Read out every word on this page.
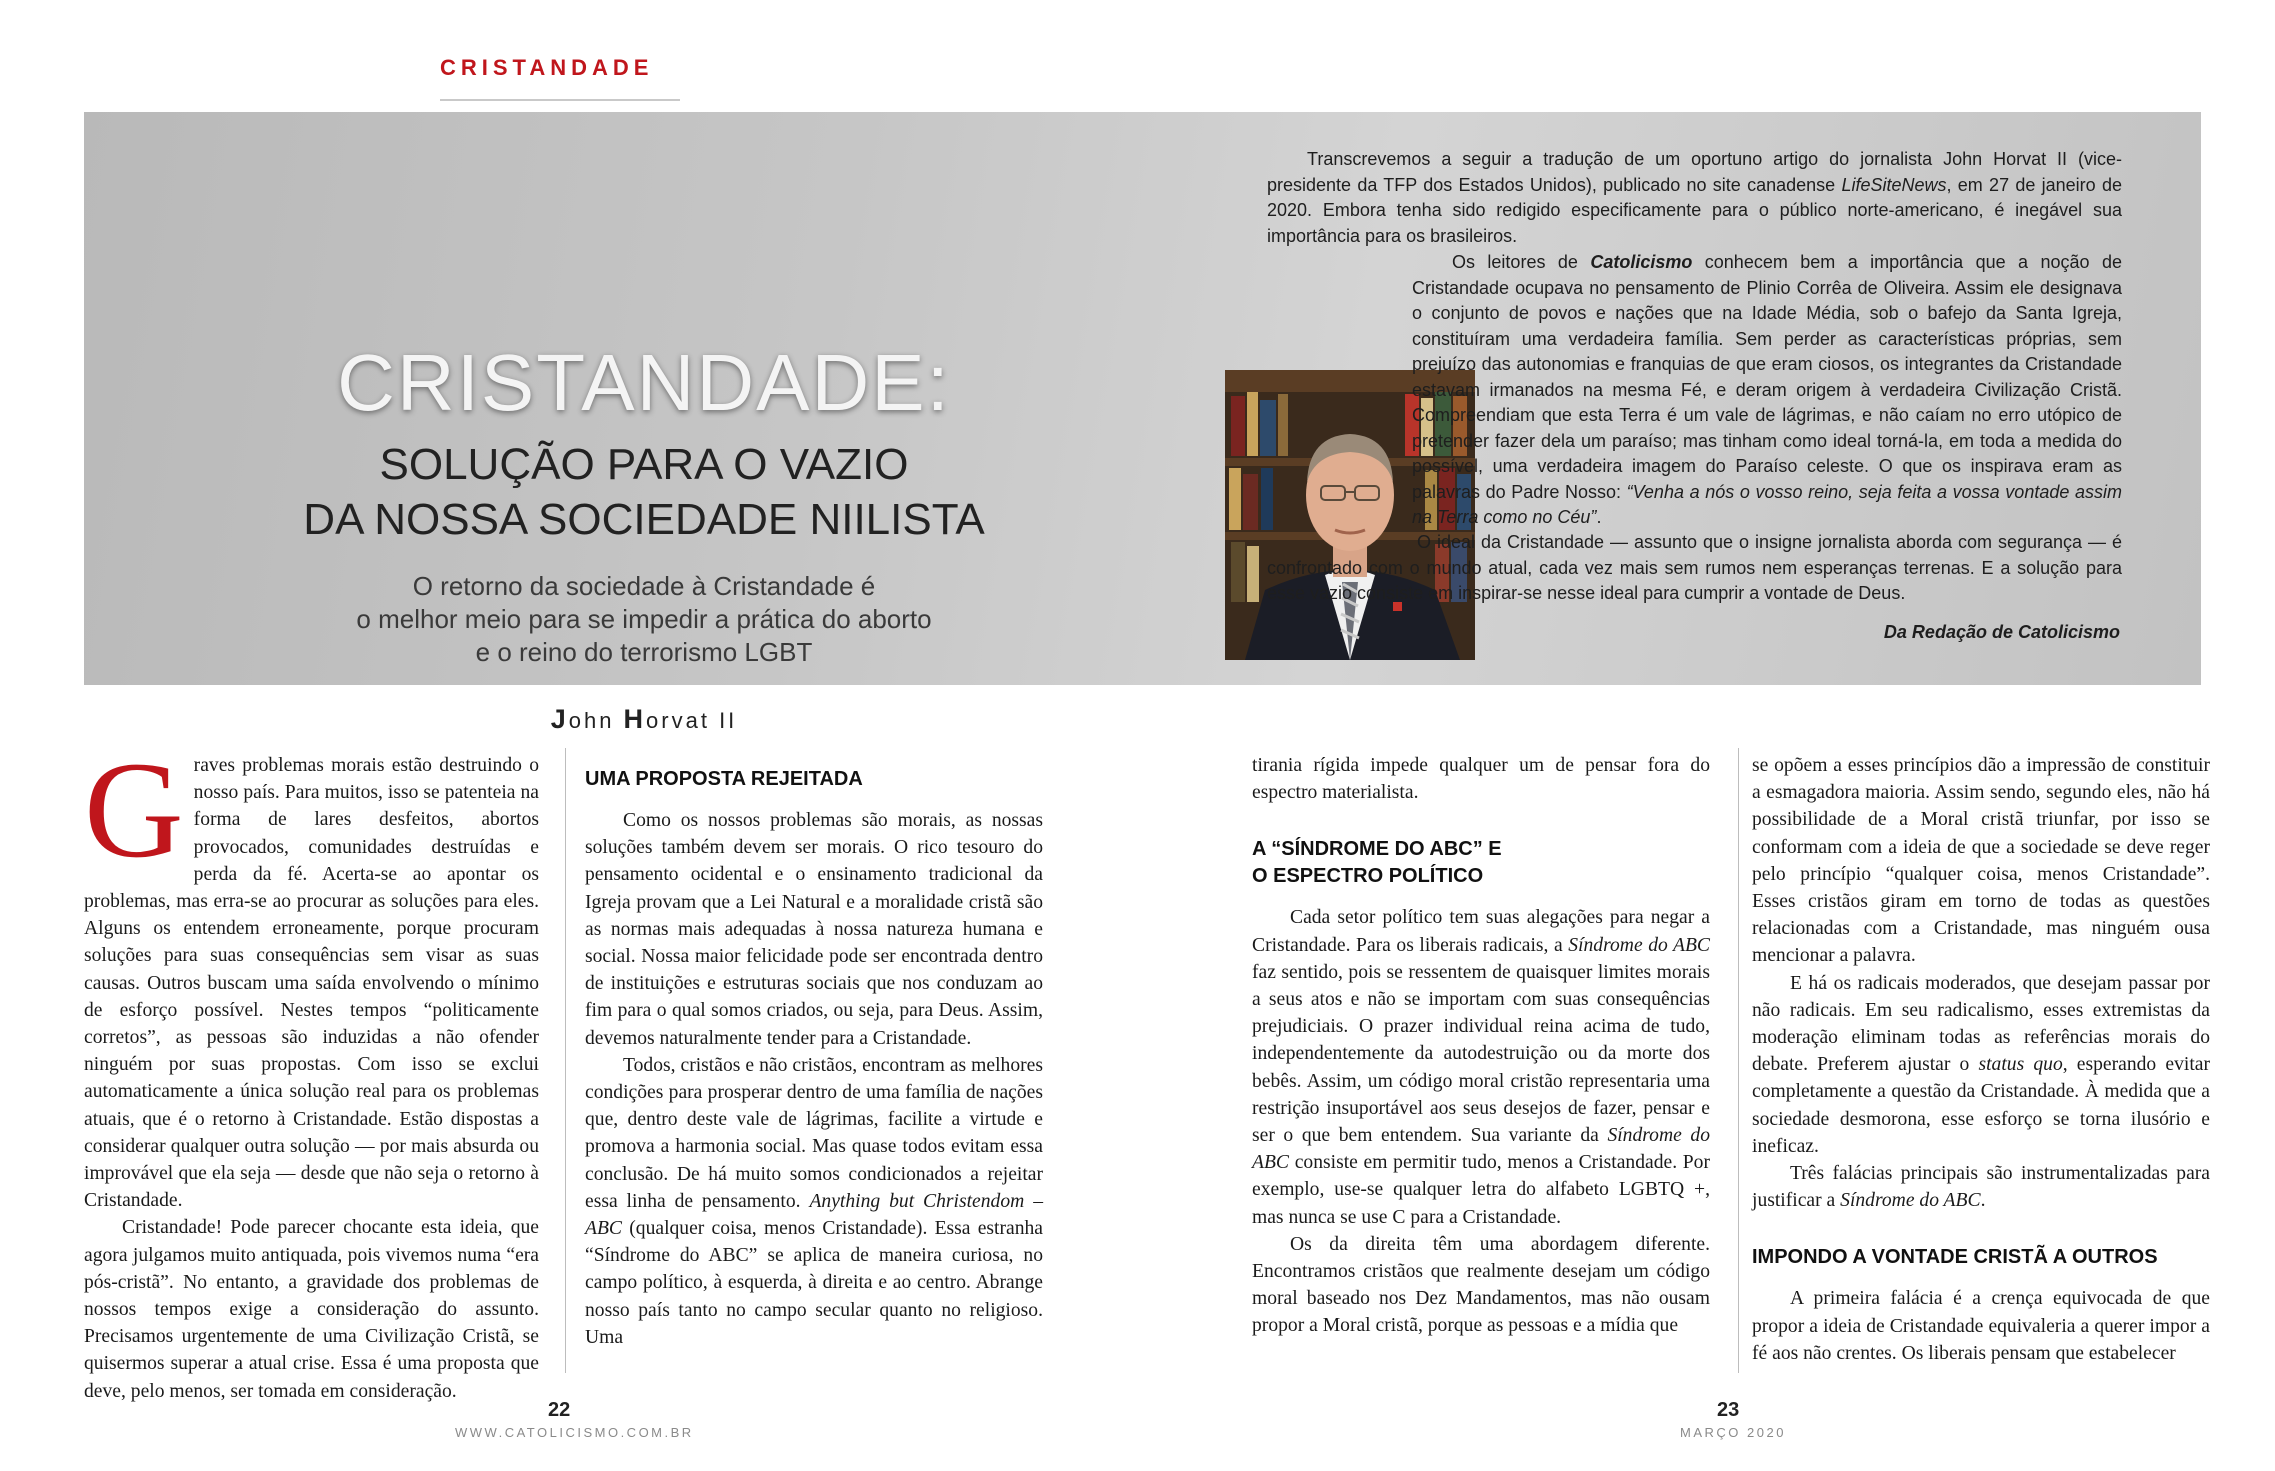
CRISTANDADE
CRISTANDADE:
SOLUÇÃO PARA O VAZIO
DA NOSSA SOCIEDADE NIILISTA
O retorno da sociedade à Cristandade é
o melhor meio para se impedir a prática do aborto
e o reino do terrorismo LGBT
John Horvat II
Transcrevemos a seguir a tradução de um oportuno artigo do jornalista John Horvat II (vice-presidente da TFP dos Estados Unidos), publicado no site canadense LifeSiteNews, em 27 de janeiro de 2020. Embora tenha sido redigido especificamente para o público norte-americano, é inegável sua importância para os brasileiros.
Os leitores de Catolicismo conhecem bem a importância que a noção de Cristandade ocupava no pensamento de Plinio Corrêa de Oliveira. Assim ele designava o conjunto de povos e nações que na Idade Média, sob o bafejo da Santa Igreja, constituíram uma verdadeira família. Sem perder as características próprias, sem prejuízo das autonomias e franquias de que eram ciosos, os integrantes da Cristandade estavam irmanados na mesma Fé, e deram origem à verdadeira Civilização Cristã. Compreendiam que esta Terra é um vale de lágrimas, e não caíam no erro utópico de pretender fazer dela um paraíso; mas tinham como ideal torná-la, em toda a medida do possível, uma verdadeira imagem do Paraíso celeste. O que os inspirava eram as palavras do Padre Nosso: “Venha a nós o vosso reino, seja feita a vossa vontade assim na Terra como no Céu”.
O ideal da Cristandade — assunto que o insigne jornalista aborda com segurança — é confrontado com o mundo atual, cada vez mais sem rumos nem esperanças terrenas. E a solução para esse vazio consiste em inspirar-se nesse ideal para cumprir a vontade de Deus.
Da Redação de Catolicismo

Graves problemas morais estão destruindo o nosso país. Para muitos, isso se patenteia na forma de lares desfeitos, abortos provocados, comunidades destruídas e perda da fé. Acerta-se ao apontar os problemas, mas erra-se ao procurar as soluções para eles. Alguns os entendem erroneamente, porque procuram soluções para suas consequências sem visar as suas causas. Outros buscam uma saída envolvendo o mínimo de esforço possível. Nestes tempos “politicamente corretos”, as pessoas são induzidas a não ofender ninguém por suas propostas. Com isso se exclui automaticamente a única solução real para os problemas atuais, que é o retorno à Cristandade. Estão dispostas a considerar qualquer outra solução — por mais absurda ou improvável que ela seja — desde que não seja o retorno à Cristandade.

Cristandade! Pode parecer chocante esta ideia, que agora julgamos muito antiquada, pois vivemos numa “era pós-cristã”. No entanto, a gravidade dos problemas de nossos tempos exige a consideração do assunto. Precisamos urgentemente de uma Civilização Cristã, se quisermos superar a atual crise. Essa é uma proposta que deve, pelo menos, ser tomada em consideração.

UMA PROPOSTA REJEITADA

Como os nossos problemas são morais, as nossas soluções também devem ser morais. O rico tesouro do pensamento ocidental e o ensinamento tradicional da Igreja provam que a Lei Natural e a moralidade cristã são as normas mais adequadas à nossa natureza humana e social. Nossa maior felicidade pode ser encontrada dentro de instituições e estruturas sociais que nos conduzam ao fim para o qual somos criados, ou seja, para Deus. Assim, devemos naturalmente tender para a Cristandade.

Todos, cristãos e não cristãos, encontram as melhores condições para prosperar dentro de uma família de nações que, dentro deste vale de lágrimas, facilite a virtude e promova a harmonia social. Mas quase todos evitam essa conclusão. De há muito somos condicionados a rejeitar essa linha de pensamento. Anything but Christendom – ABC (qualquer coisa, menos Cristandade). Essa estranha “Síndrome do ABC” se aplica de maneira curiosa, no campo político, à esquerda, à direita e ao centro. Abrange nosso país tanto no campo secular quanto no religioso. Uma

tirania rígida impede qualquer um de pensar fora do espectro materialista.

A “SÍNDROME DO ABC” E
O ESPECTRO POLÍTICO

Cada setor político tem suas alegações para negar a Cristandade. Para os liberais radicais, a Síndrome do ABC faz sentido, pois se ressentem de quaisquer limites morais a seus atos e não se importam com suas consequências prejudiciais. O prazer individual reina acima de tudo, independentemente da autodestruição ou da morte dos bebês. Assim, um código moral cristão representaria uma restrição insuportável aos seus desejos de fazer, pensar e ser o que bem entendem. Sua variante da Síndrome do ABC consiste em permitir tudo, menos a Cristandade. Por exemplo, use-se qualquer letra do alfabeto LGBTQ +, mas nunca se use C para a Cristandade.

Os da direita têm uma abordagem diferente. Encontramos cristãos que realmente desejam um código moral baseado nos Dez Mandamentos, mas não ousam propor a Moral cristã, porque as pessoas e a mídia que

se opõem a esses princípios dão a impressão de constituir a esmagadora maioria. Assim sendo, segundo eles, não há possibilidade de a Moral cristã triunfar, por isso se conformam com a ideia de que a sociedade se deve reger pelo princípio “qualquer coisa, menos Cristandade”. Esses cristãos giram em torno de todas as questões relacionadas com a Cristandade, mas ninguém ousa mencionar a palavra.

E há os radicais moderados, que desejam passar por não radicais. Em seu radicalismo, esses extremistas da moderação eliminam todas as referências morais do debate. Preferem ajustar o status quo, esperando evitar completamente a questão da Cristandade. À medida que a sociedade desmorona, esse esforço se torna ilusório e ineficaz.

Três falácias principais são instrumentalizadas para justificar a Síndrome do ABC.

IMPONDO A VONTADE CRISTÃ A OUTROS

A primeira falácia é a crença equivocada de que propor a ideia de Cristandade equivaleria a querer impor a fé aos não crentes. Os liberais pensam que estabelecer

22
WWW.CATOLICISMO.COM.BR
23
MARÇO 2020
